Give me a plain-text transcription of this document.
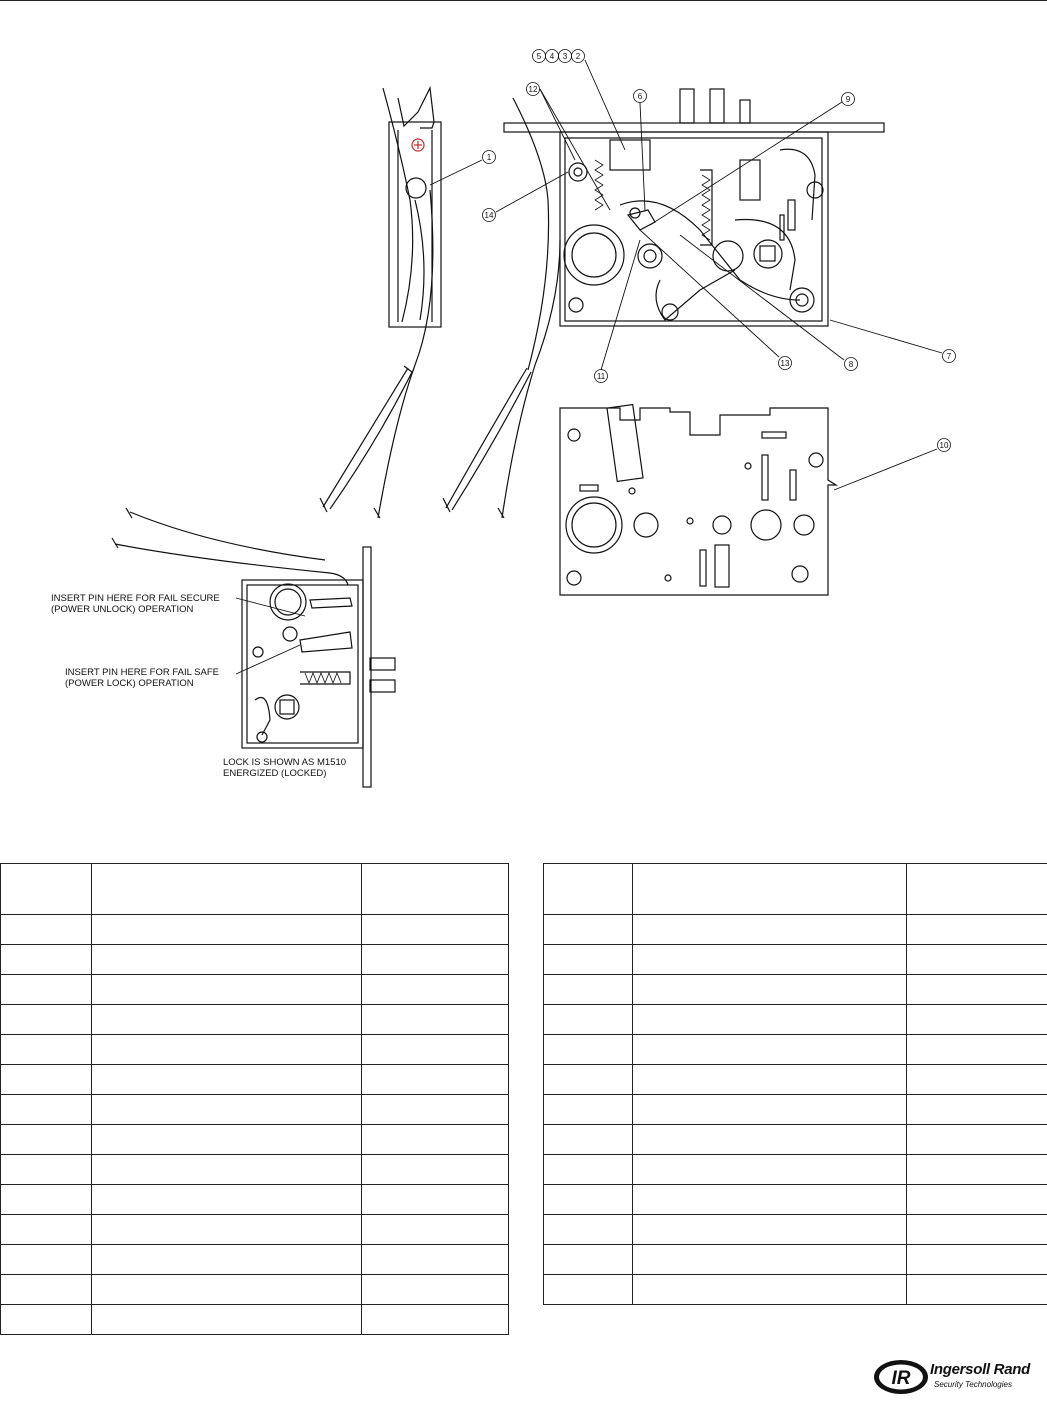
1
2
3
4
5
6
7
8
9
10
11
12
13
14
INSERT PIN HERE FOR FAIL SECURE
(POWER UNLOCK) OPERATION
INSERT PIN HERE FOR FAIL SAFE
(POWER LOCK) OPERATION
LOCK IS SHOWN AS M1510
ENERGIZED (LOCKED)

IR Ingersoll Rand
Security Technologies
